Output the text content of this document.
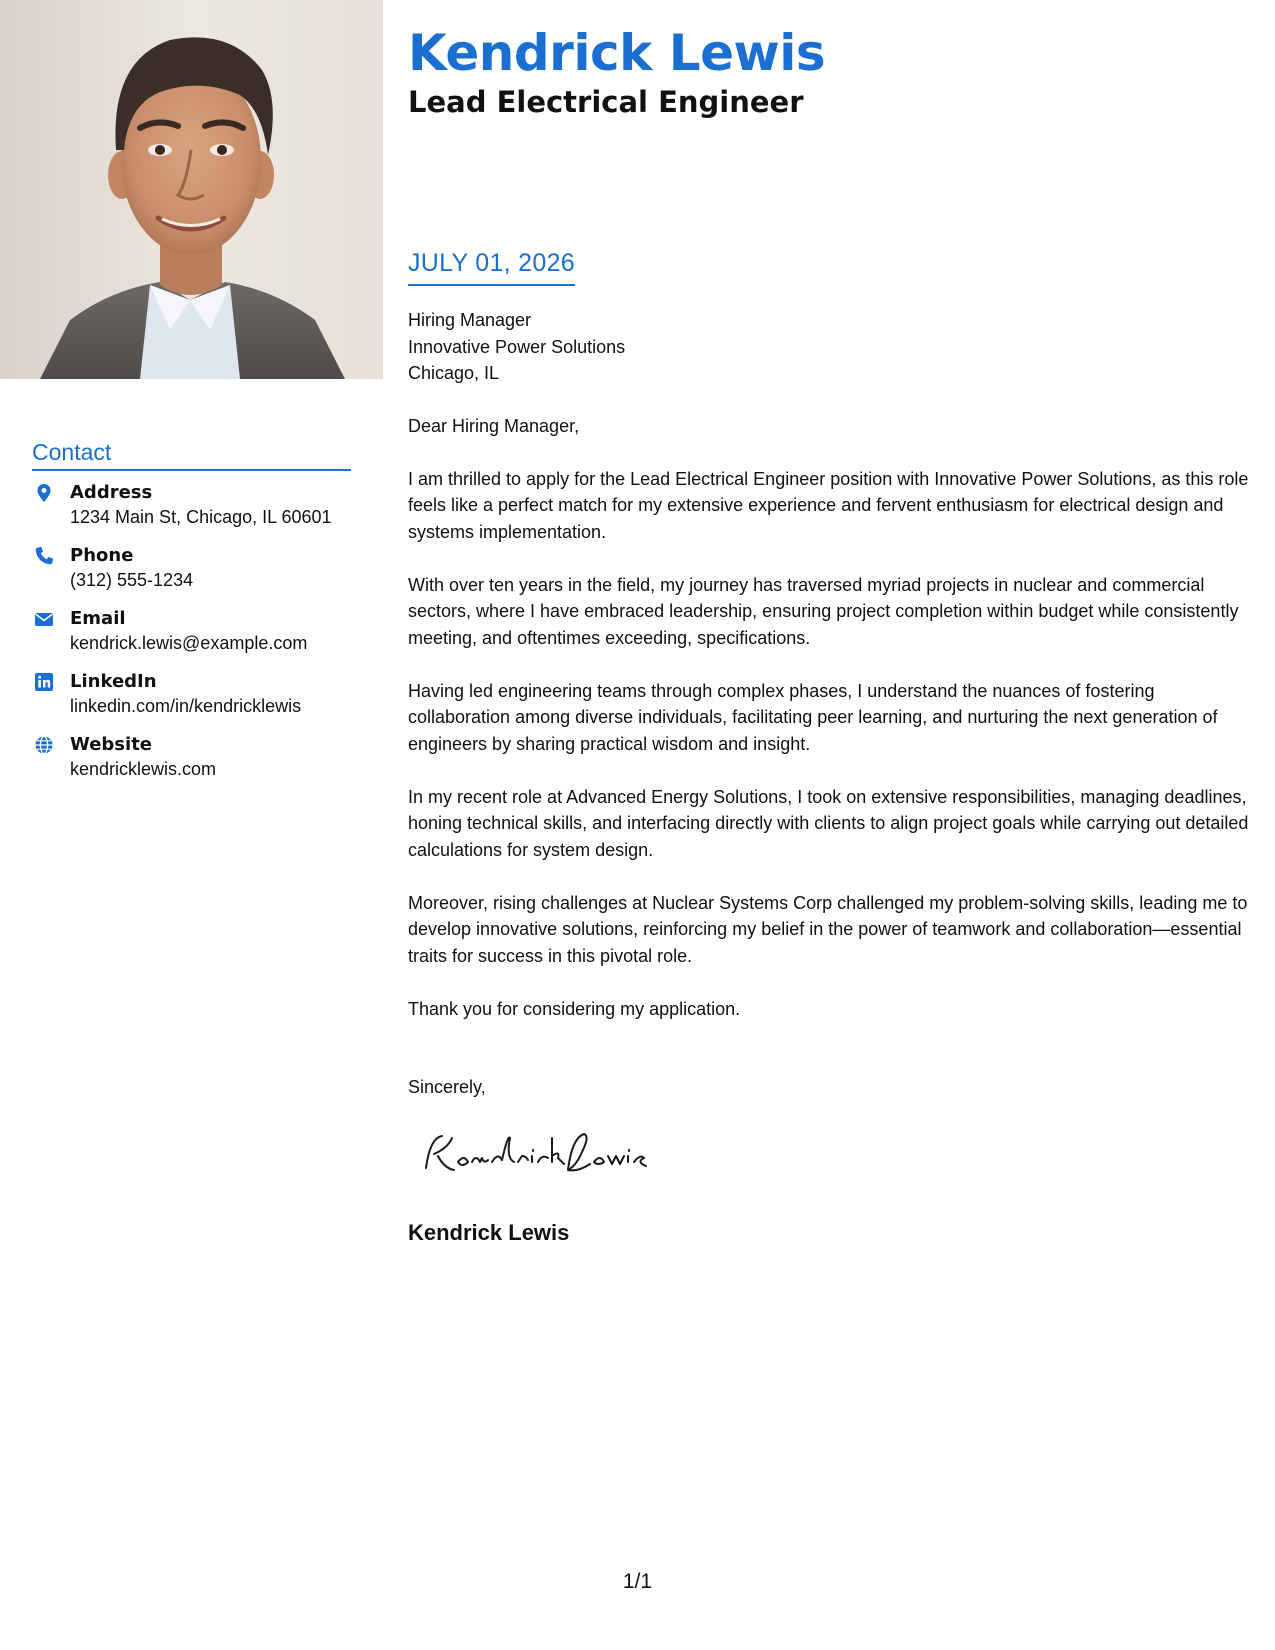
Kendrick Lewis
Lead Electrical Engineer
JULY 01, 2026

Hiring Manager
Innovative Power Solutions
Chicago, IL

Dear Hiring Manager,

I am thrilled to apply for the Lead Electrical Engineer position with Innovative Power Solutions, as this role feels like a perfect match for my extensive experience and fervent enthusiasm for electrical design and systems implementation.

With over ten years in the field, my journey has traversed myriad projects in nuclear and commercial sectors, where I have embraced leadership, ensuring project completion within budget while consistently meeting, and oftentimes exceeding, specifications.

Having led engineering teams through complex phases, I understand the nuances of fostering collaboration among diverse individuals, facilitating peer learning, and nurturing the next generation of engineers by sharing practical wisdom and insight.

In my recent role at Advanced Energy Solutions, I took on extensive responsibilities, managing deadlines, honing technical skills, and interfacing directly with clients to align project goals while carrying out detailed calculations for system design.

Moreover, rising challenges at Nuclear Systems Corp challenged my problem-solving skills, leading me to develop innovative solutions, reinforcing my belief in the power of teamwork and collaboration—essential traits for success in this pivotal role.

Thank you for considering my application.

Sincerely,
Kendrick Lewis
Contact
Address
1234 Main St, Chicago, IL 60601
Phone
(312) 555-1234
Email
kendrick.lewis@example.com
LinkedIn
linkedin.com/in/kendricklewis
Website
kendricklewis.com
1/1
